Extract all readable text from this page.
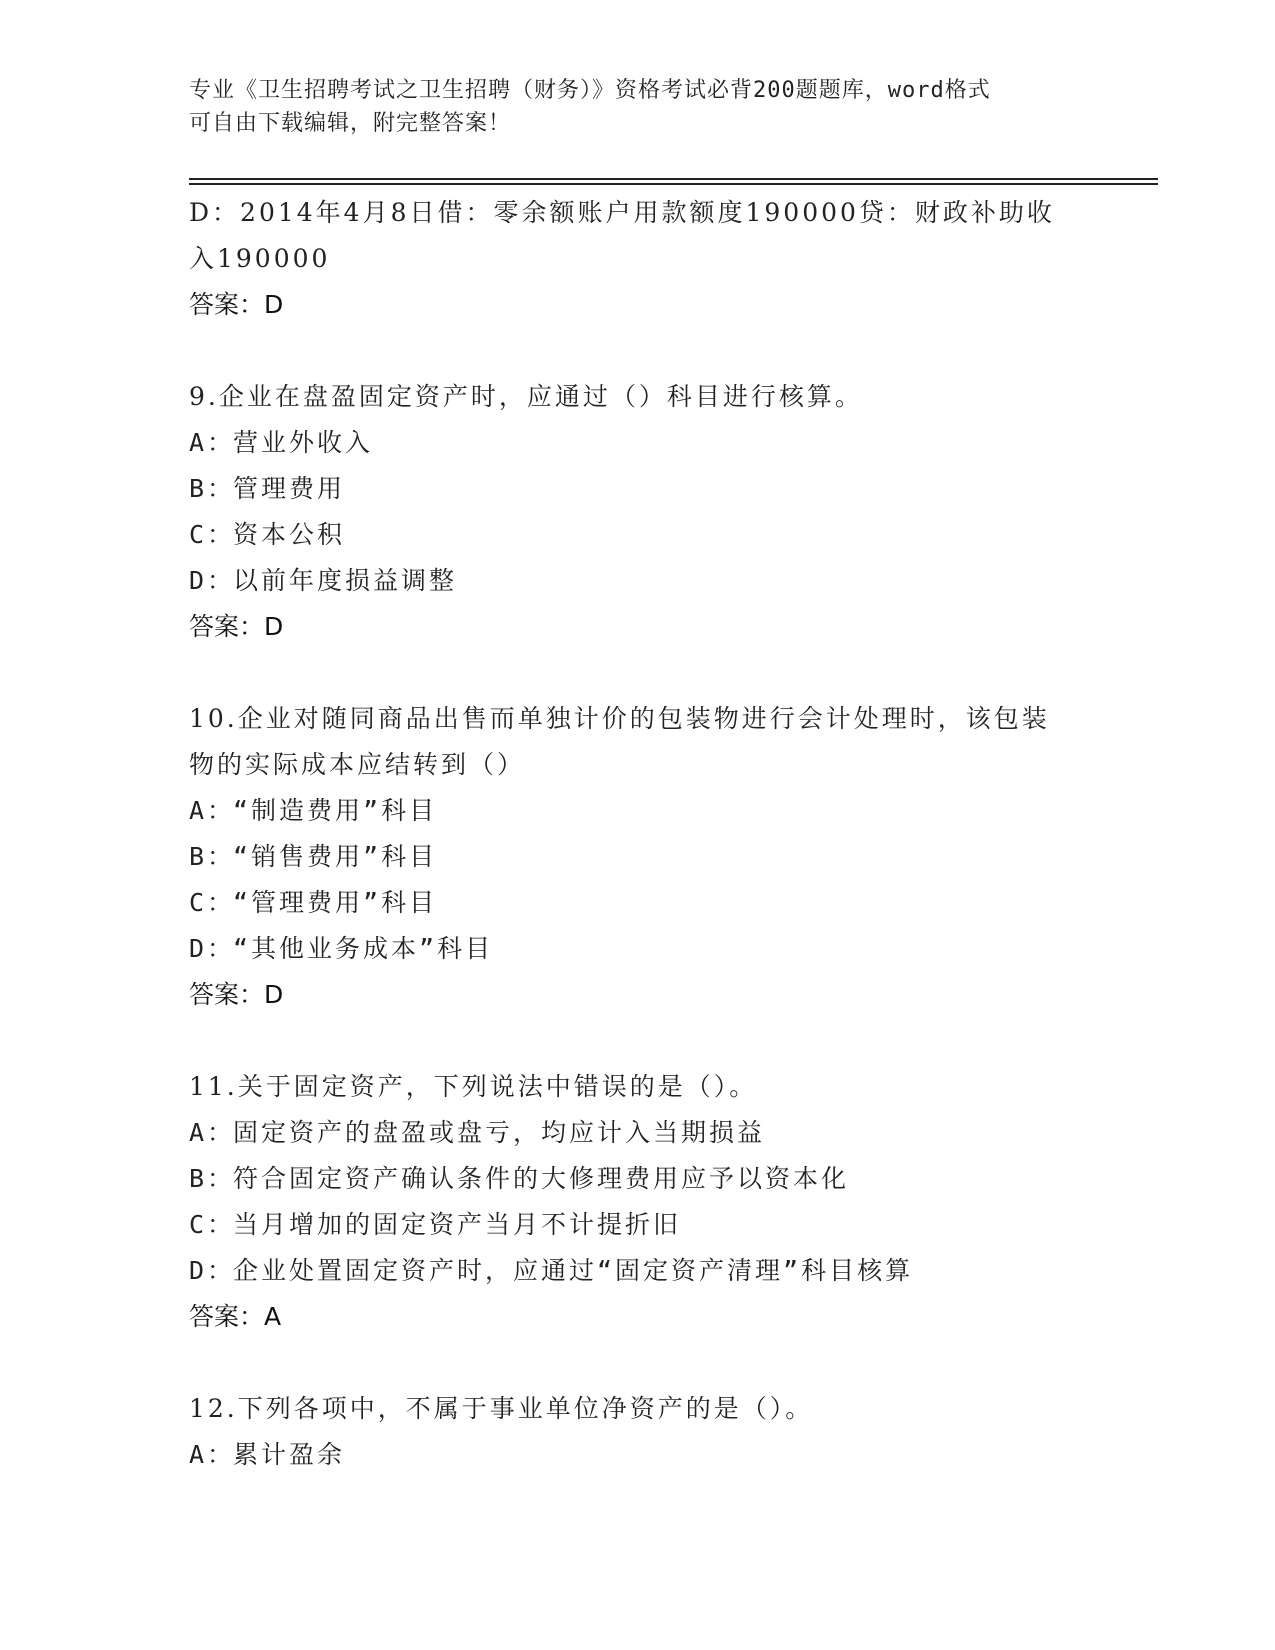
专业《卫生招聘考试之卫生招聘（财务）》资格考试必背200题题库，word格式
可自由下载编辑，附完整答案！
D：2014年4月8日借：零余额账户用款额度190000贷：财政补助收
入190000
答案：D
9.企业在盘盈固定资产时，应通过（）科目进行核算。
A：营业外收入
B：管理费用
C：资本公积
D：以前年度损益调整
答案：D
10.企业对随同商品出售而单独计价的包装物进行会计处理时，该包装
物的实际成本应结转到（）
A：“制造费用”科目
B：“销售费用”科目
C：“管理费用”科目
D：“其他业务成本”科目
答案：D
11.关于固定资产，下列说法中错误的是（）。
A：固定资产的盘盈或盘亏，均应计入当期损益
B：符合固定资产确认条件的大修理费用应予以资本化
C：当月增加的固定资产当月不计提折旧
D：企业处置固定资产时，应通过“固定资产清理”科目核算
答案：A
12.下列各项中，不属于事业单位净资产的是（）。
A：累计盈余
